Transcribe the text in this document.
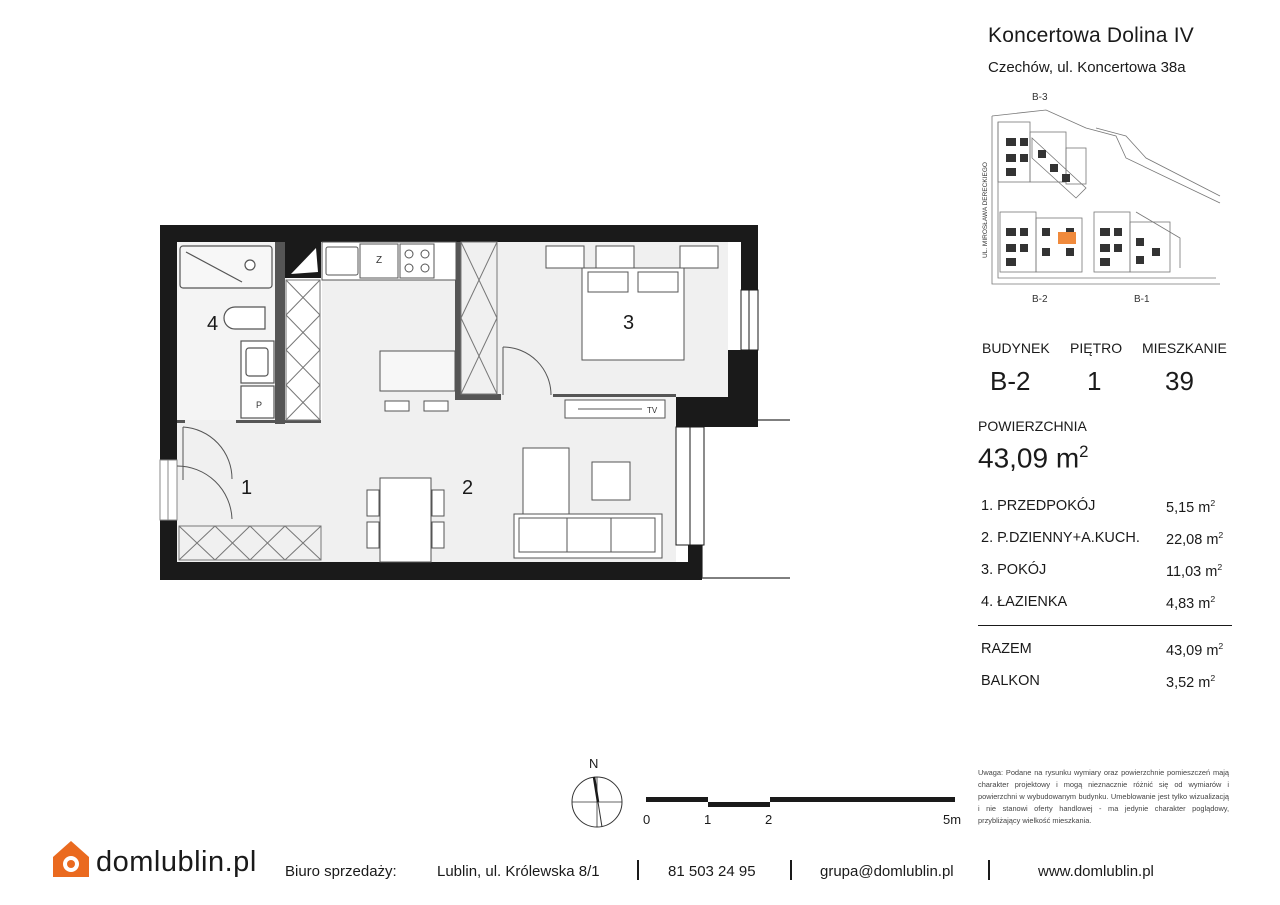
P
Z
TV
4	3
2
1
Koncertowa Dolina IV
Czechów, ul. Koncertowa 38a
B-3
B-2	B-1
UL. MIROSŁAWA DERECKIEGO
BUDYNEK PIĘTRO MIESZKANIE
B-2 1 39
POWIERZCHNIA
43,09 $m^2$
1. PRZEDPOKÓJ	5,15 $m^2$
2. P.DZIENNY+A.KUCH. 22,08 $m^2$
3. POKÓJ	11,03 $m^2$
4. ŁAZIENKA	4,83 $m^2$
RAZEM	43,09 $m^2$
BALKON	3,52 $m^2$
Uwaga: Podane na rysunku wymiary oraz powierzchnie pomieszczeń mają charakter projektowy i mogą nieznacznie różnić się od wymiarów i powierzchni w wybudowanym budynku. Umeblowanie jest tylko wizualizacją i nie stanowi oferty handlowej - ma jedynie charakter poglądowy, przybliżający wielkość mieszkania.
N
0	1	2	5m
domlublin.pl Biuro sprzedaży:	Lublin, ul. Królewska 8/1	81 503 24 95	grupa@domlublin.pl	www.domlublin.pl
